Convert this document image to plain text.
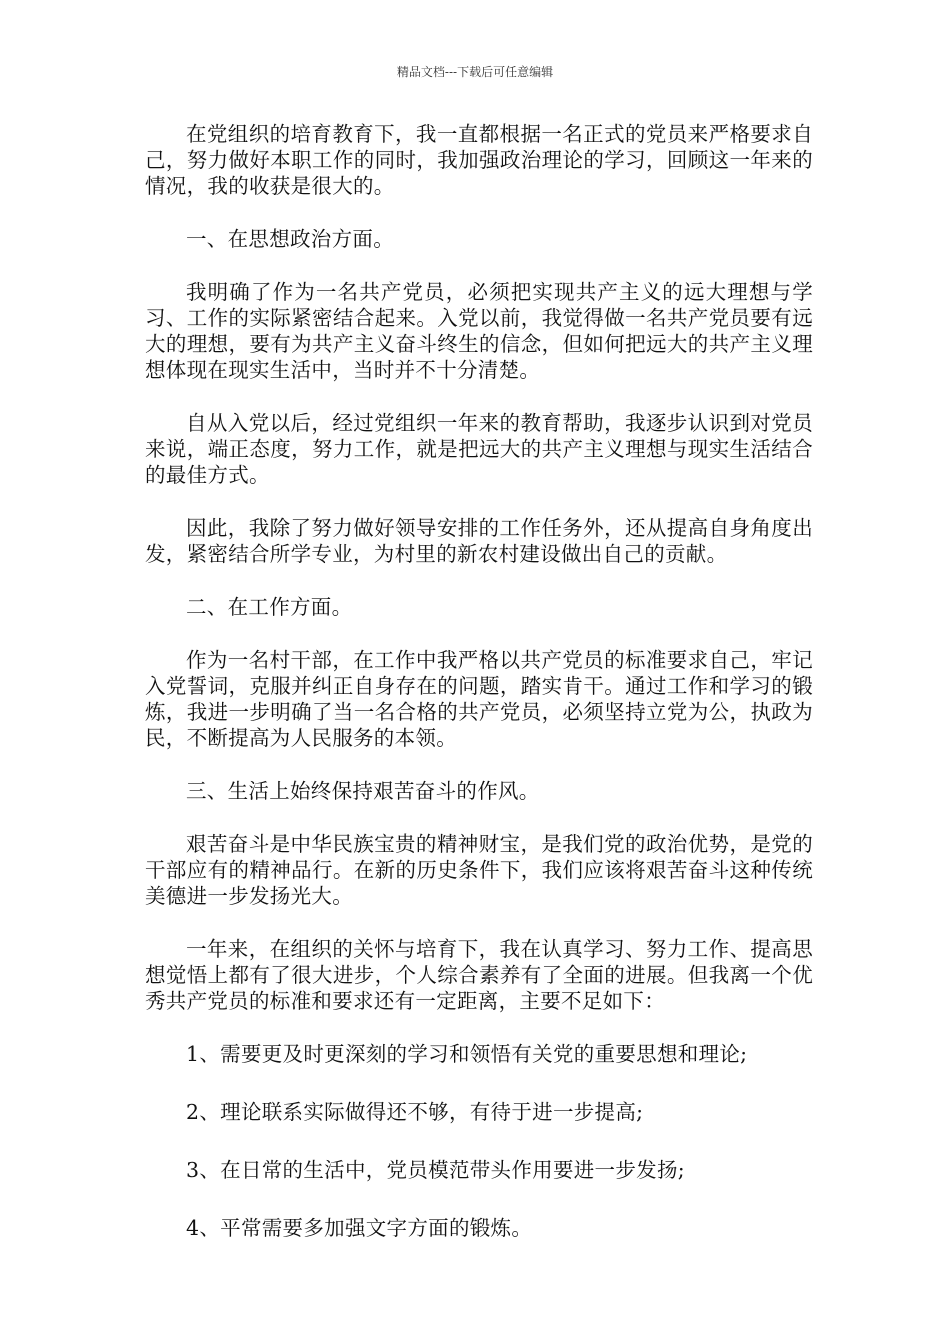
精品文档---下载后可任意编辑

在党组织的培育教育下，我一直都根据一名正式的党员来严格要求自己，努力做好本职工作的同时，我加强政治理论的学习，回顾这一年来的情况，我的收获是很大的。

一、在思想政治方面。

我明确了作为一名共产党员，必须把实现共产主义的远大理想与学习、工作的实际紧密结合起来。入党以前，我觉得做一名共产党员要有远大的理想，要有为共产主义奋斗终生的信念，但如何把远大的共产主义理想体现在现实生活中，当时并不十分清楚。

自从入党以后，经过党组织一年来的教育帮助，我逐步认识到对党员来说，端正态度，努力工作，就是把远大的共产主义理想与现实生活结合的最佳方式。

因此，我除了努力做好领导安排的工作任务外，还从提高自身角度出发，紧密结合所学专业，为村里的新农村建设做出自己的贡献。

二、在工作方面。

作为一名村干部，在工作中我严格以共产党员的标准要求自己，牢记入党誓词，克服并纠正自身存在的问题，踏实肯干。通过工作和学习的锻炼，我进一步明确了当一名合格的共产党员，必须坚持立党为公，执政为民，不断提高为人民服务的本领。

三、生活上始终保持艰苦奋斗的作风。

艰苦奋斗是中华民族宝贵的精神财宝，是我们党的政治优势，是党的干部应有的精神品行。在新的历史条件下，我们应该将艰苦奋斗这种传统美德进一步发扬光大。

一年来，在组织的关怀与培育下，我在认真学习、努力工作、提高思想觉悟上都有了很大进步，个人综合素养有了全面的进展。但我离一个优秀共产党员的标准和要求还有一定距离，主要不足如下：

1、需要更及时更深刻的学习和领悟有关党的重要思想和理论;

2、理论联系实际做得还不够，有待于进一步提高;

3、在日常的生活中，党员模范带头作用要进一步发扬;

4、平常需要多加强文字方面的锻炼。
